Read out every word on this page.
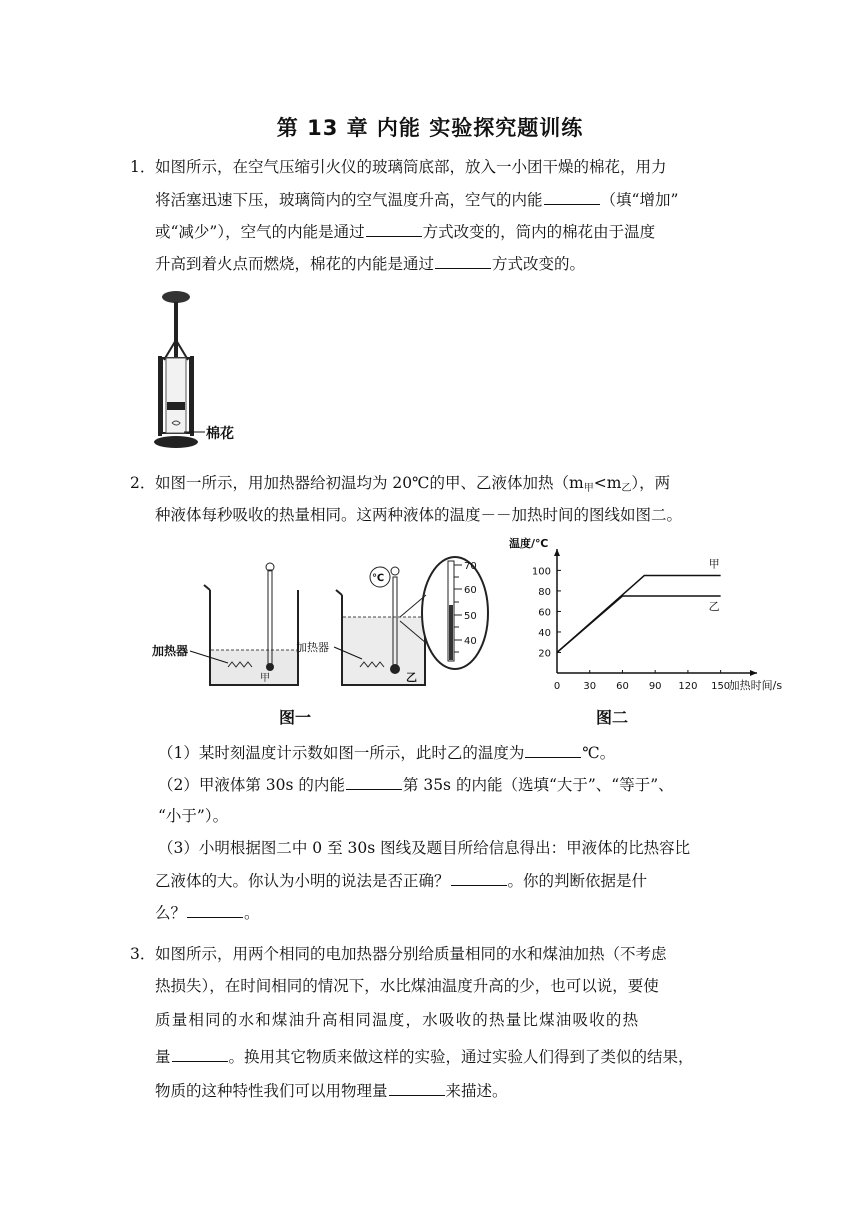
第 13 章 内能 实验探究题训练
1． 如图所示，在空气压缩引火仪的玻璃筒底部，放入一小团干燥的棉花，用力
将活塞迅速下压，玻璃筒内的空气温度升高，空气的内能	（填“增加”
或“减少”），空气的内能是通过	方式改变的，筒内的棉花由于温度
升高到着火点而燃烧，棉花的内能是通过	方式改变的。
棉花
2． 如图一所示，用加热器给初温均为 20℃的甲、乙液体加热$(m_甲<m_乙)$，两
种液体每秒吸收的热量相同。这两种液体的温度－－加热时间的图线如图二。
加热器
甲
℃
加热器
乙
70
60
50
40
温度/℃
加热时间/s
0 30 60 90 120 150
20
40
60
80
100
甲
乙
图一	图二
（1）某时刻温度计示数如图一所示，此时乙的温度为	℃。
（2）甲液体第 30s 的内能	第 35s 的内能（选填“大于”、“等于”、
“小于”）。
（3）小明根据图二中 0 至 30s 图线及题目所给信息得出：甲液体的比热容比
乙液体的大。你认为小明的说法是否正确？	。你的判断依据是什
么？	。
3． 如图所示，用两个相同的电加热器分别给质量相同的水和煤油加热（不考虑
热损失），在时间相同的情况下，水比煤油温度升高的少，也可以说，要使
质量相同的水和煤油升高相同温度，水吸收的热量比煤油吸收的热
量	。换用其它物质来做这样的实验，通过实验人们得到了类似的结果，
物质的这种特性我们可以用物理量	来描述。
